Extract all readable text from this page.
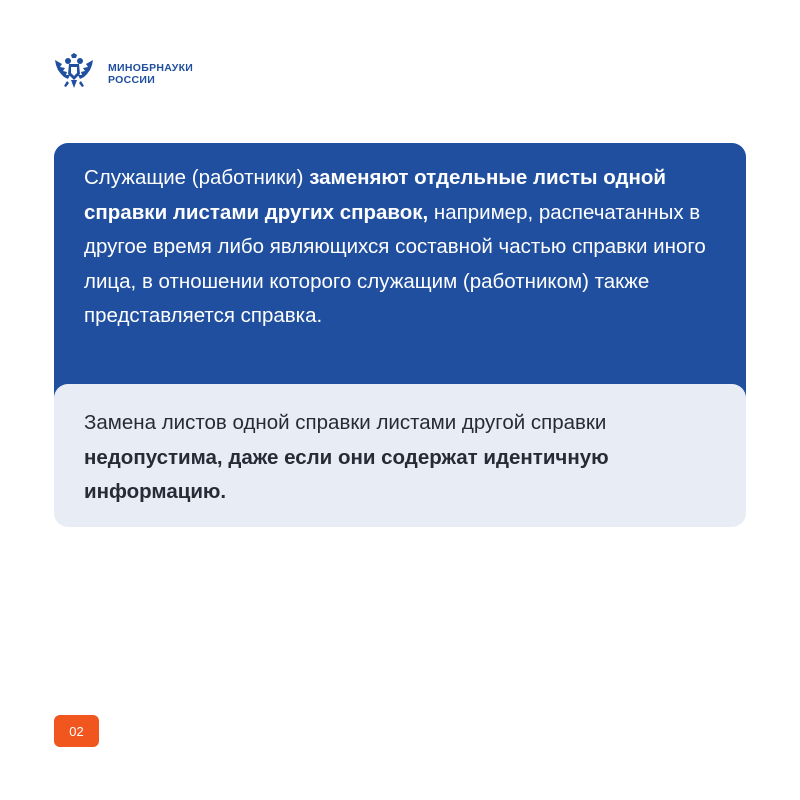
МИНОБРНАУКИ
РОССИИ
Служащие (работники) заменяют отдельные листы одной справки листами других справок, например, распечатанных в другое время либо являющихся составной частью справки иного лица, в отношении которого служащим (работником) также представляется справка.
Замена листов одной справки листами другой справки недопустима, даже если они содержат идентичную информацию.
02
